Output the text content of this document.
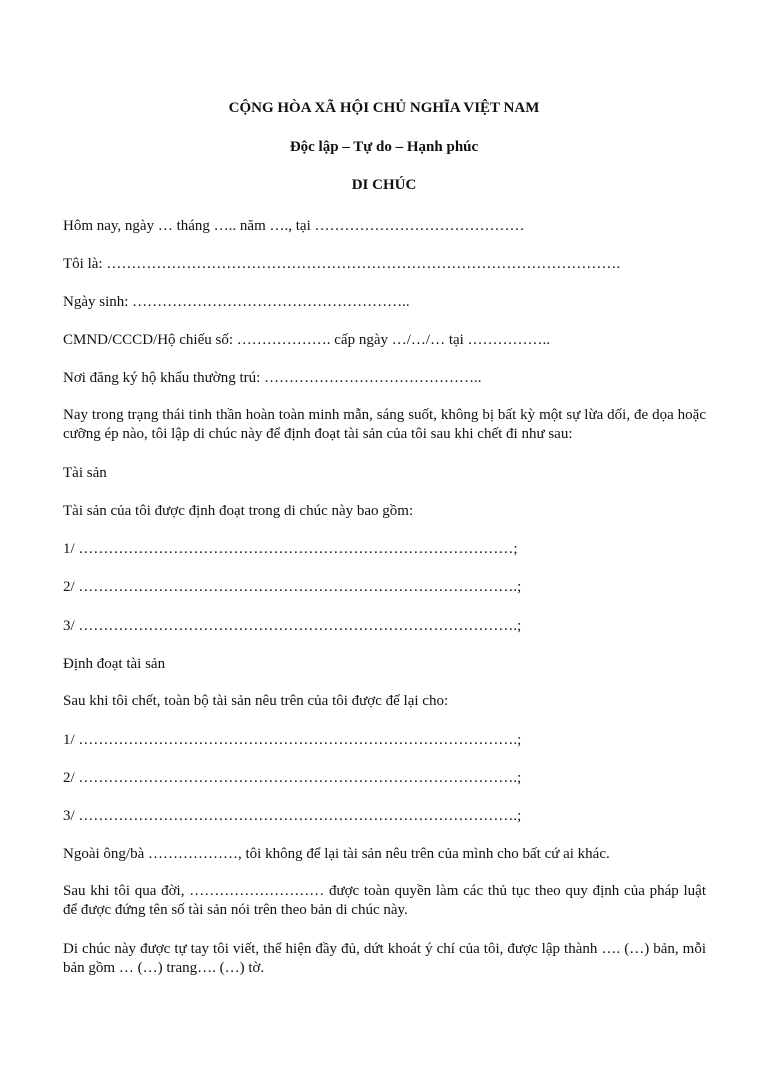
CỘNG HÒA XÃ HỘI CHỦ NGHĨA VIỆT NAM
Độc lập – Tự do – Hạnh phúc
DI CHÚC
Hôm nay, ngày … tháng ….. năm …., tại ……………………………………
Tôi là: ………………………………………………………………………………………….
Ngày sinh: ………………………………………………..
CMND/CCCD/Hộ chiếu số: ………………. cấp ngày …/…/… tại ……………..
Nơi đăng ký hộ khẩu thường trú: ……………………………………..
Nay trong trạng thái tinh thần hoàn toàn minh mẫn, sáng suốt, không bị bất kỳ một sự lừa dối, đe dọa hoặc cưỡng ép nào, tôi lập di chúc này để định đoạt tài sản của tôi sau khi chết đi như sau:
Tài sản
Tài sản của tôi được định đoạt trong di chúc này bao gồm:
1/ ……………………………………………………………………………;
2/ …………………………………………………………………………….;
3/ …………………………………………………………………………….;
Định đoạt tài sản
Sau khi tôi chết, toàn bộ tài sản nêu trên của tôi được để lại cho:
1/ …………………………………………………………………………….;
2/ …………………………………………………………………………….;
3/ …………………………………………………………………………….;
Ngoài ông/bà ………………, tôi không để lại tài sản nêu trên của mình cho bất cứ ai khác.
Sau khi tôi qua đời, ……………………… được toàn quyền làm các thủ tục theo quy định của pháp luật để được đứng tên số tài sản nói trên theo bản di chúc này.
Di chúc này được tự tay tôi viết, thể hiện đầy đủ, dứt khoát ý chí của tôi, được lập thành …. (…) bản, mỗi bản gồm … (…) trang…. (…) tờ.
